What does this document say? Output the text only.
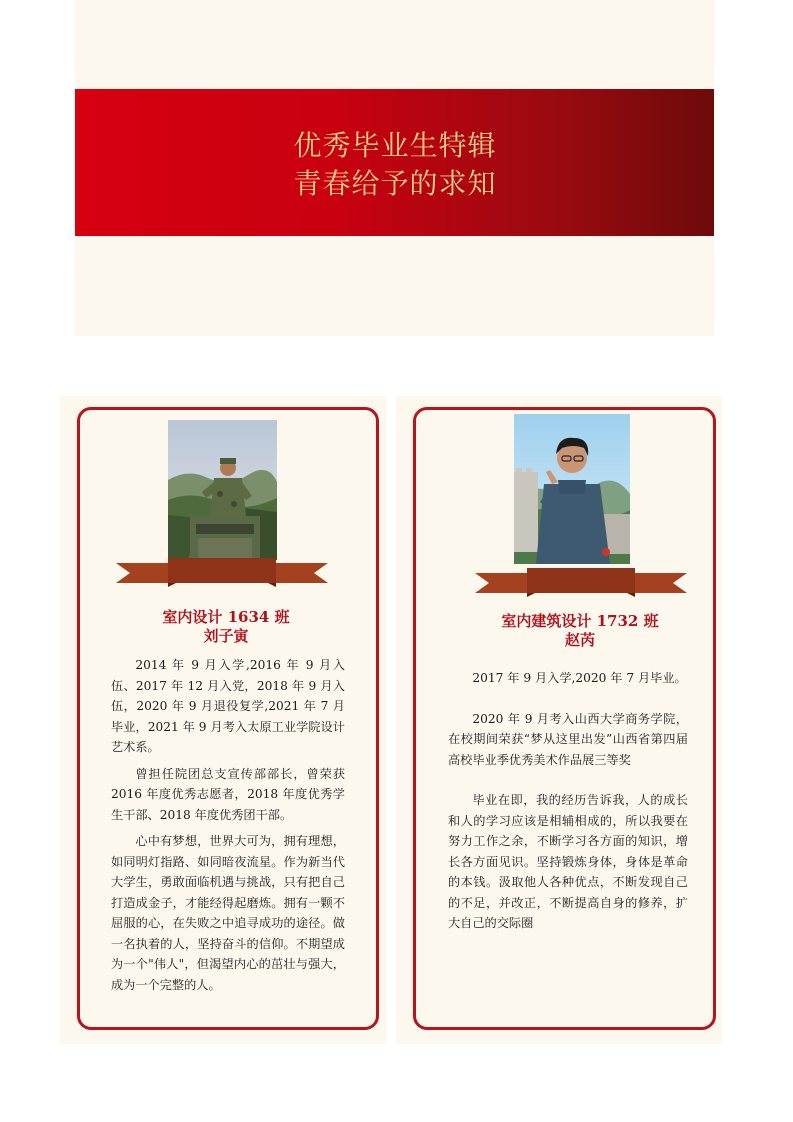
优秀毕业生特辑
青春给予的求知
室内设计 1634 班
刘子寅

2014 年 9 月入学,2016 年 9 月入伍、2017 年 12 月入党，2018 年 9 月入伍，2020 年 9 月退役复学,2021 年 7 月毕业，2021 年 9 月考入太原工业学院设计艺术系。

曾担任院团总支宣传部部长，曾荣获 2016 年度优秀志愿者，2018 年度优秀学生干部、2018 年度优秀团干部。

心中有梦想，世界大可为，拥有理想，如同明灯指路、如同暗夜流星。作为新当代大学生，勇敢面临机遇与挑战，只有把自己打造成金子，才能经得起磨炼。拥有一颗不屈服的心，在失败之中追寻成功的途径。做一名执着的人，坚持奋斗的信仰。不期望成为一个"伟人"，但渴望内心的茁壮与强大，成为一个完整的人。

室内建筑设计 1732 班
赵芮

2017 年 9 月入学,2020 年 7 月毕业。

2020 年 9 月考入山西大学商务学院，在校期间荣获“梦从这里出发”山西省第四届高校毕业季优秀美术作品展三等奖

毕业在即，我的经历告诉我，人的成长和人的学习应该是相辅相成的，所以我要在努力工作之余，不断学习各方面的知识，增长各方面见识。坚持锻炼身体，身体是革命的本钱。汲取他人各种优点，不断发现自己的不足，并改正，不断提高自身的修养，扩大自己的交际圈
